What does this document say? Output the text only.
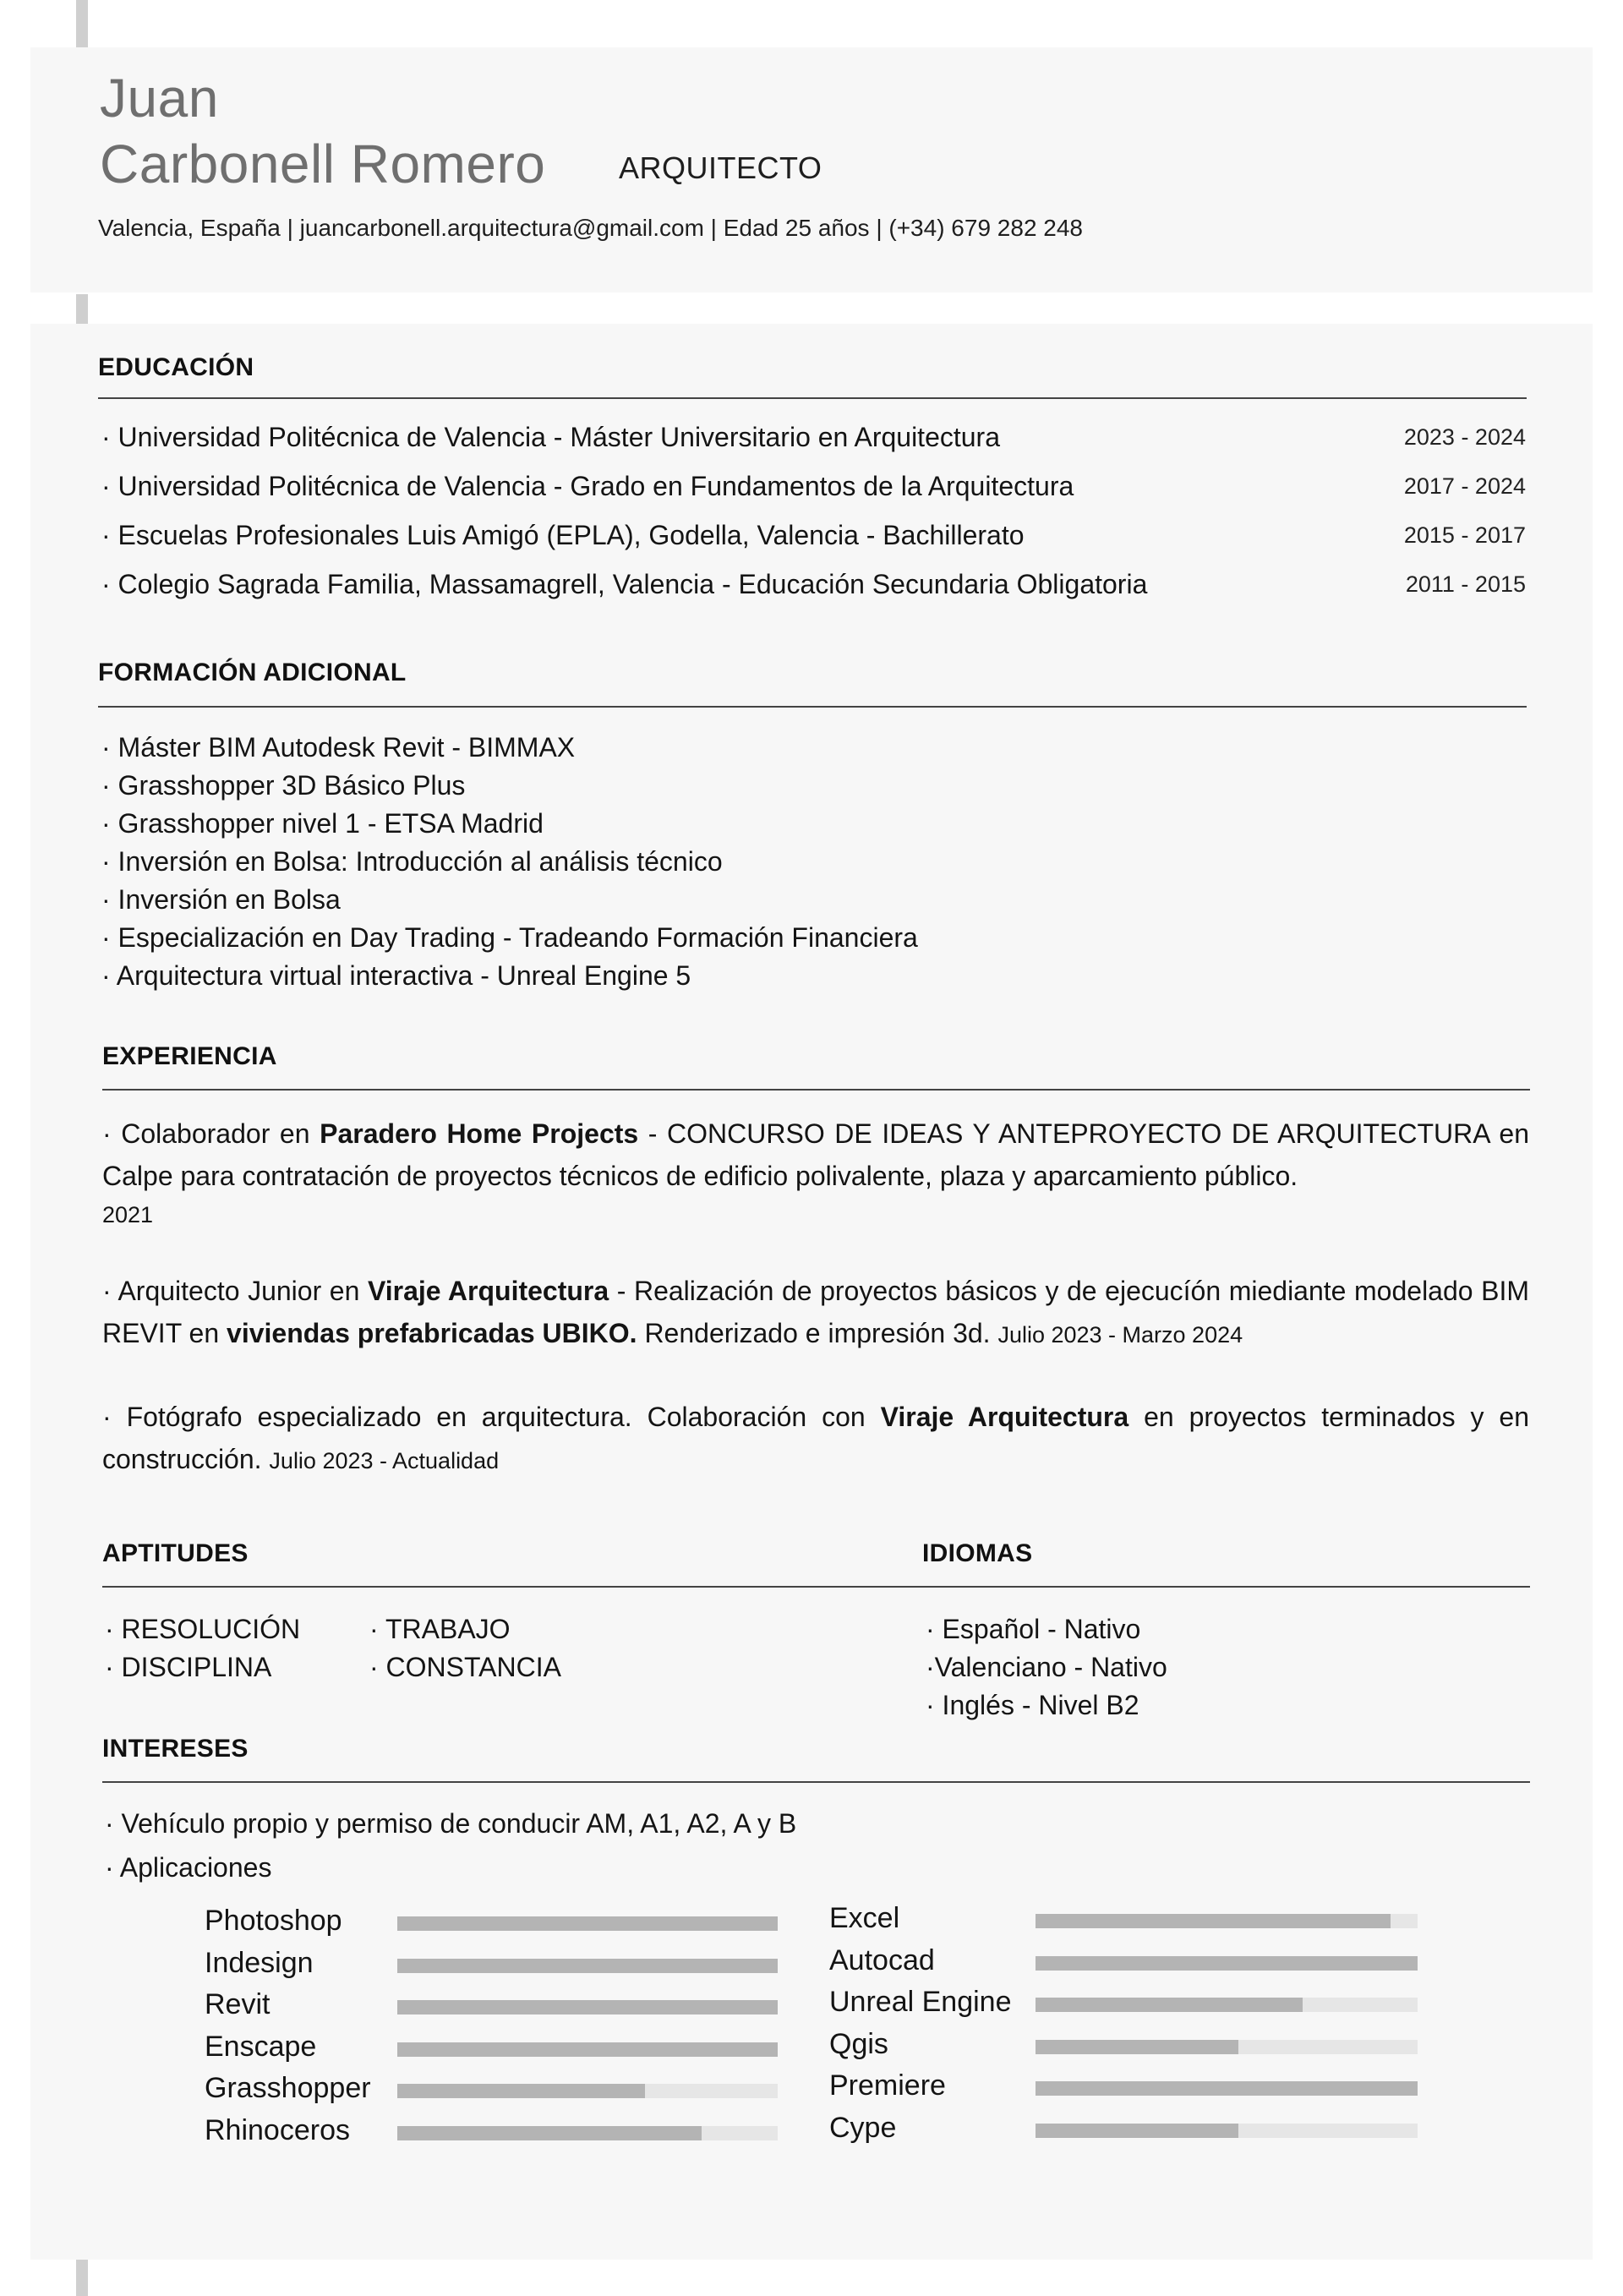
Juan
Carbonell Romero ARQUITECTO
Valencia, España | juancarbonell.arquitectura@gmail.com | Edad 25 años | (+34) 679 282 248
EDUCACIÓN
· Universidad Politécnica de Valencia - Máster Universitario en Arquitectura	2023 - 2024
· Universidad Politécnica de Valencia - Grado en Fundamentos de la Arquitectura	2017 - 2024
· Escuelas Profesionales Luis Amigó (EPLA), Godella, Valencia - Bachillerato	2015 - 2017
· Colegio Sagrada Familia, Massamagrell, Valencia - Educación Secundaria Obligatoria	2011 - 2015
FORMACIÓN ADICIONAL
· Máster BIM Autodesk Revit - BIMMAX
· Grasshopper 3D Básico Plus
· Grasshopper nivel 1 - ETSA Madrid
· Inversión en Bolsa: Introducción al análisis técnico
· Inversión en Bolsa
· Especialización en Day Trading - Tradeando Formación Financiera
· Arquitectura virtual interactiva - Unreal Engine 5
EXPERIENCIA
· Colaborador en Paradero Home Projects - CONCURSO DE IDEAS Y ANTEPROYECTO DE ARQUITECTURA en Calpe para contratación de proyectos técnicos de edificio polivalente, plaza y aparcamiento público.
2021
· Arquitecto Junior en Viraje Arquitectura - Realización de proyectos básicos y de ejecucíón miediante modelado BIM REVIT en viviendas prefabricadas UBIKO. Renderizado e impresión 3d. Julio 2023 - Marzo 2024
· Fotógrafo especializado en arquitectura. Colaboración con Viraje Arquitectura en proyectos terminados y en construcción. Julio 2023 - Actualidad
APTITUDES	IDIOMAS
· RESOLUCIÓN
· DISCIPLINA
· TRABAJO
· CONSTANCIA
· Español - Nativo
·Valenciano - Nativo
· Inglés - Nivel B2
INTERESES
· Vehículo propio y permiso de conducir AM, A1, A2, A y B
· Aplicaciones
Photoshop
Indesign
Revit
Enscape
Grasshopper
Rhinoceros
Excel
Autocad
Unreal Engine
Qgis
Premiere
Cype
